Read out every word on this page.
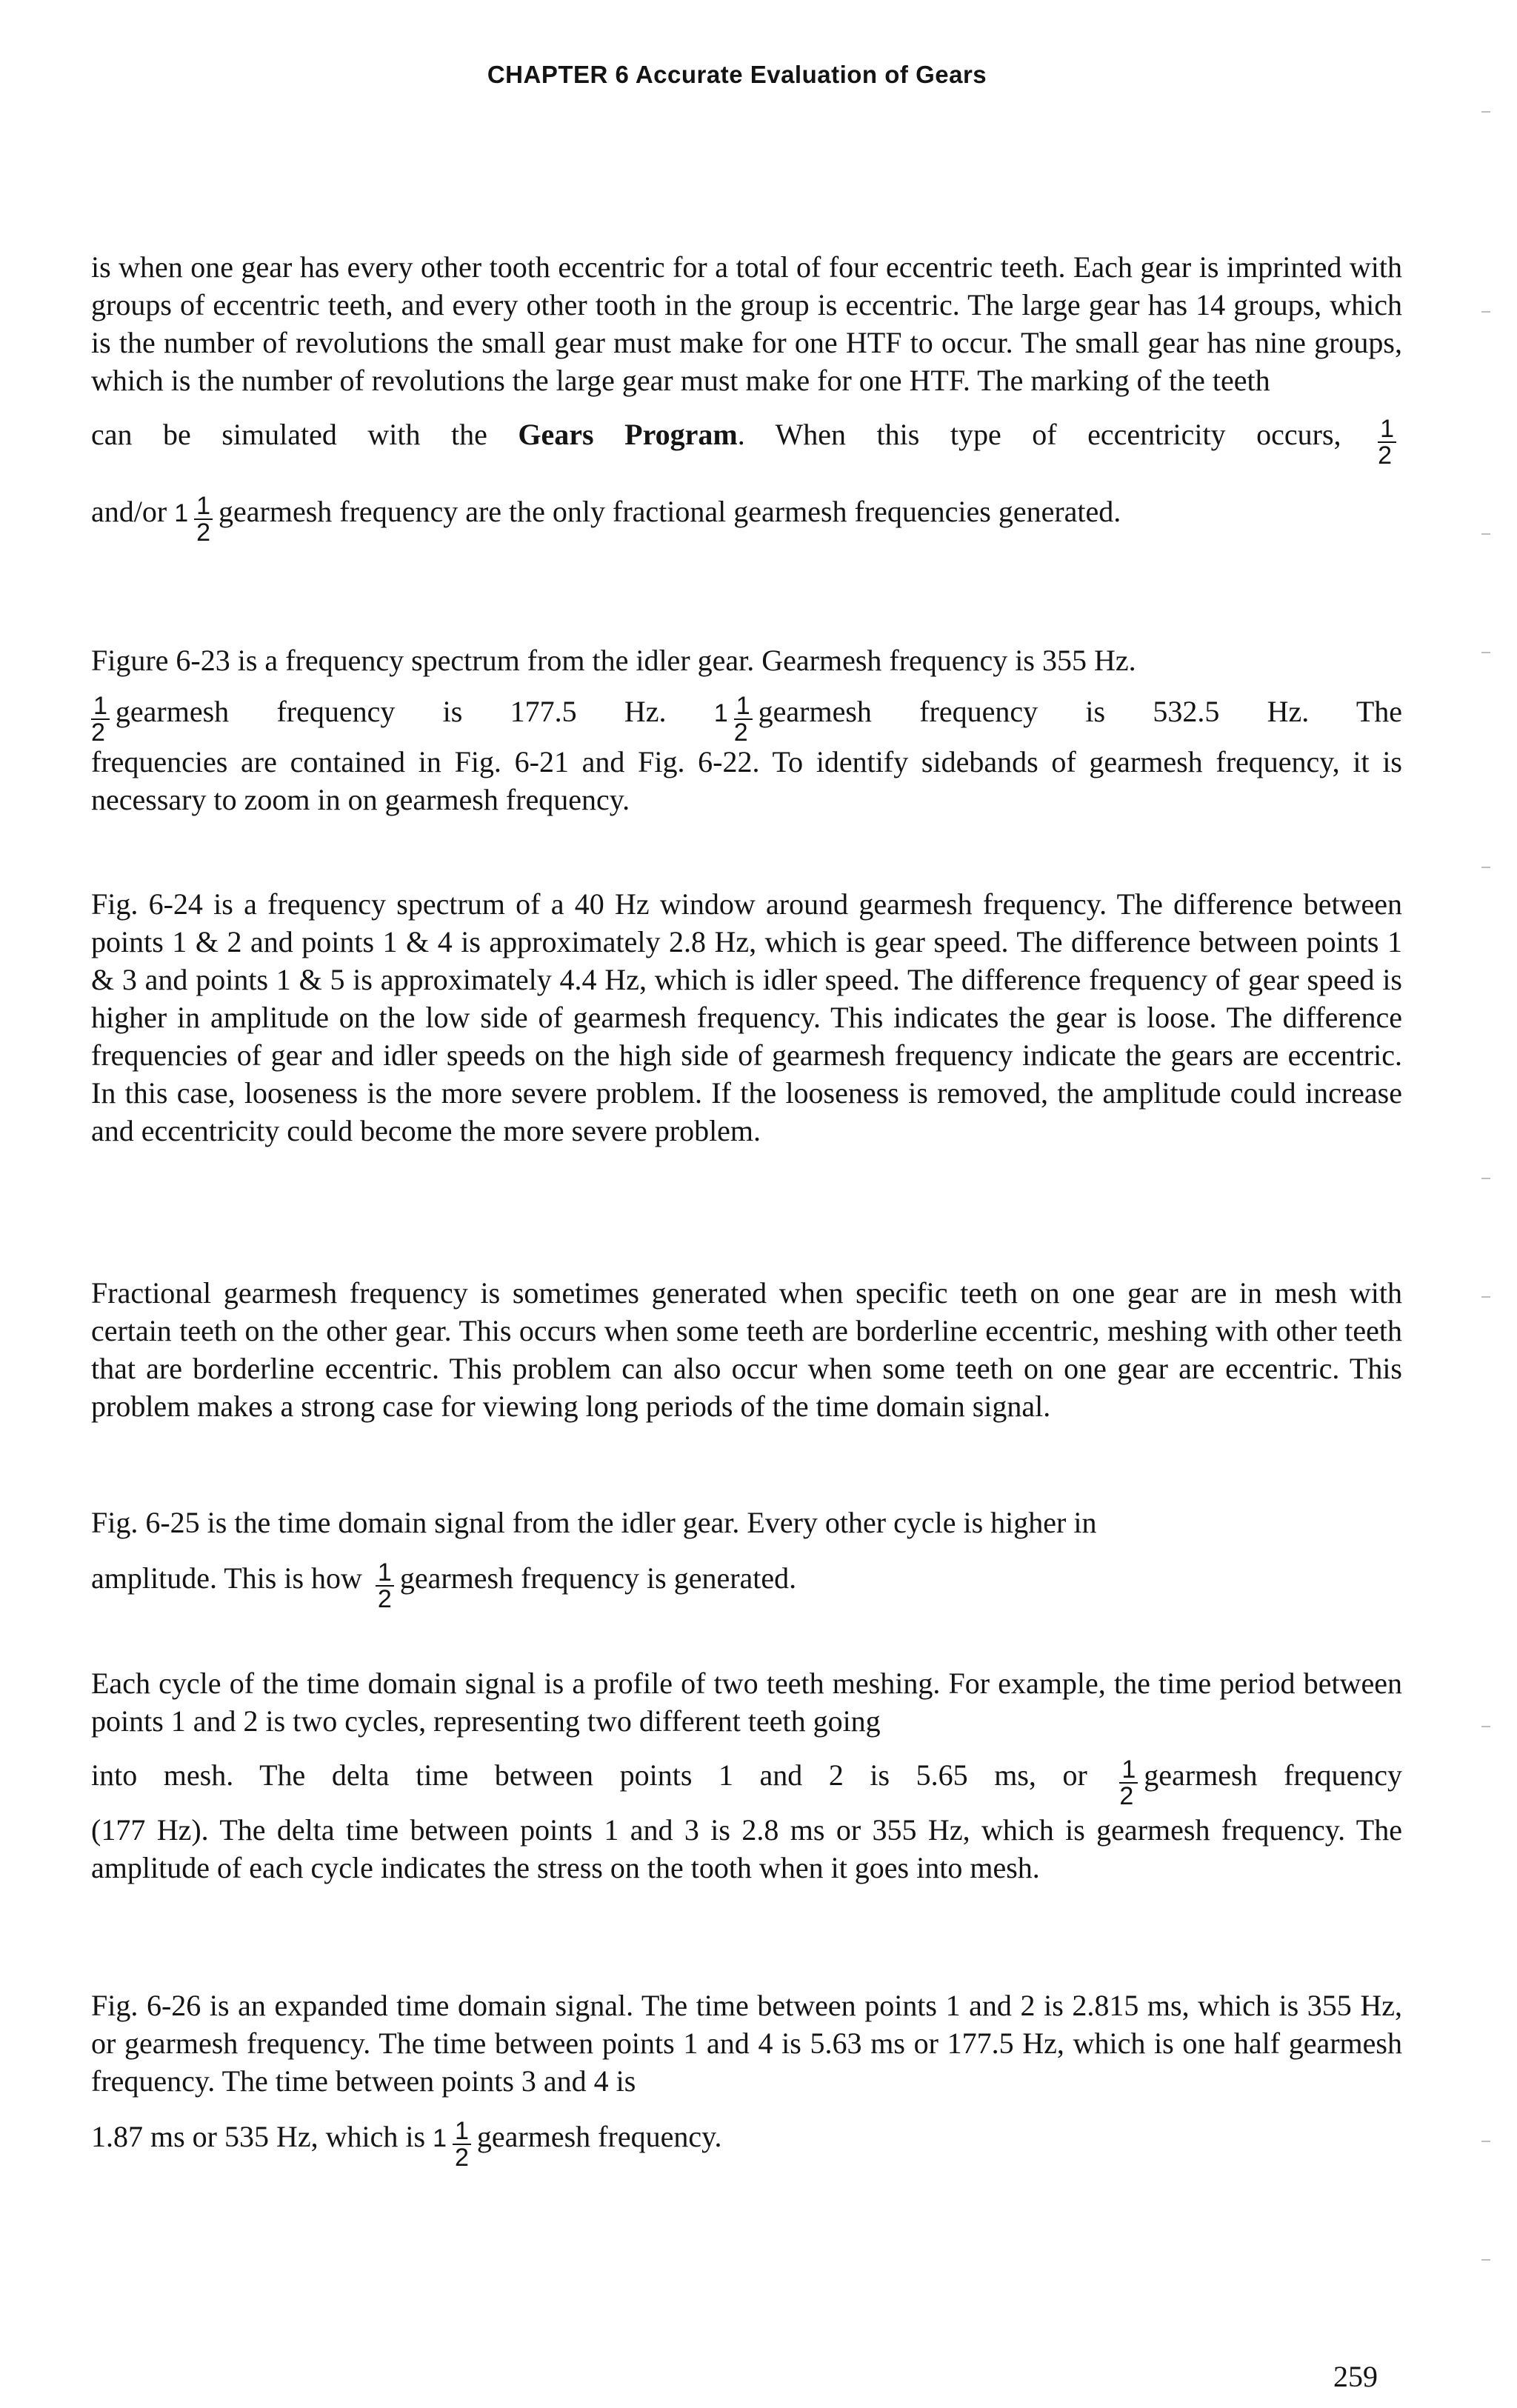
CHAPTER 6 Accurate Evaluation of Gears

is when one gear has every other tooth eccentric for a total of four eccentric teeth. Each gear is imprinted with groups of eccentric teeth, and every other tooth in the group is eccentric. The large gear has 14 groups, which is the number of revolutions the small gear must make for one HTF to occur. The small gear has nine groups, which is the number of revolutions the large gear must make for one HTF. The marking of the teeth

can be simulated with the Gears Program. When this type of eccentricity occurs, $\frac{1}{2}$

and/or $1 \frac{1}{2}$ gearmesh frequency are the only fractional gearmesh frequencies generated.

Figure 6-23 is a frequency spectrum from the idler gear. Gearmesh frequency is 355 Hz.

$\frac{1}{2}$ gearmesh frequency is 177.5 Hz. $1 \frac{1}{2}$ gearmesh frequency is 532.5 Hz. The

frequencies are contained in Fig. 6-21 and Fig. 6-22. To identify sidebands of gearmesh frequency, it is necessary to zoom in on gearmesh frequency.

Fig. 6-24 is a frequency spectrum of a 40 Hz window around gearmesh frequency. The difference between points 1 & 2 and points 1 & 4 is approximately 2.8 Hz, which is gear speed. The difference between points 1 & 3 and points 1 & 5 is approximately 4.4 Hz, which is idler speed. The difference frequency of gear speed is higher in amplitude on the low side of gearmesh frequency. This indicates the gear is loose. The difference frequencies of gear and idler speeds on the high side of gearmesh frequency indicate the gears are eccentric. In this case, looseness is the more severe problem. If the looseness is removed, the amplitude could increase and eccentricity could become the more severe problem.

Fractional gearmesh frequency is sometimes generated when specific teeth on one gear are in mesh with certain teeth on the other gear. This occurs when some teeth are borderline eccentric, meshing with other teeth that are borderline eccentric. This problem can also occur when some teeth on one gear are eccentric. This problem makes a strong case for viewing long periods of the time domain signal.

Fig. 6-25 is the time domain signal from the idler gear. Every other cycle is higher in

amplitude. This is how $\frac{1}{2}$ gearmesh frequency is generated.

Each cycle of the time domain signal is a profile of two teeth meshing. For example, the time period between points 1 and 2 is two cycles, representing two different teeth going

into mesh. The delta time between points 1 and 2 is 5.65 ms, or $\frac{1}{2}$ gearmesh frequency

(177 Hz). The delta time between points 1 and 3 is 2.8 ms or 355 Hz, which is gearmesh frequency. The amplitude of each cycle indicates the stress on the tooth when it goes into mesh.

Fig. 6-26 is an expanded time domain signal. The time between points 1 and 2 is 2.815 ms, which is 355 Hz, or gearmesh frequency. The time between points 1 and 4 is 5.63 ms or 177.5 Hz, which is one half gearmesh frequency. The time between points 3 and 4 is

1.87 ms or 535 Hz, which is $1 \frac{1}{2}$ gearmesh frequency.

259
